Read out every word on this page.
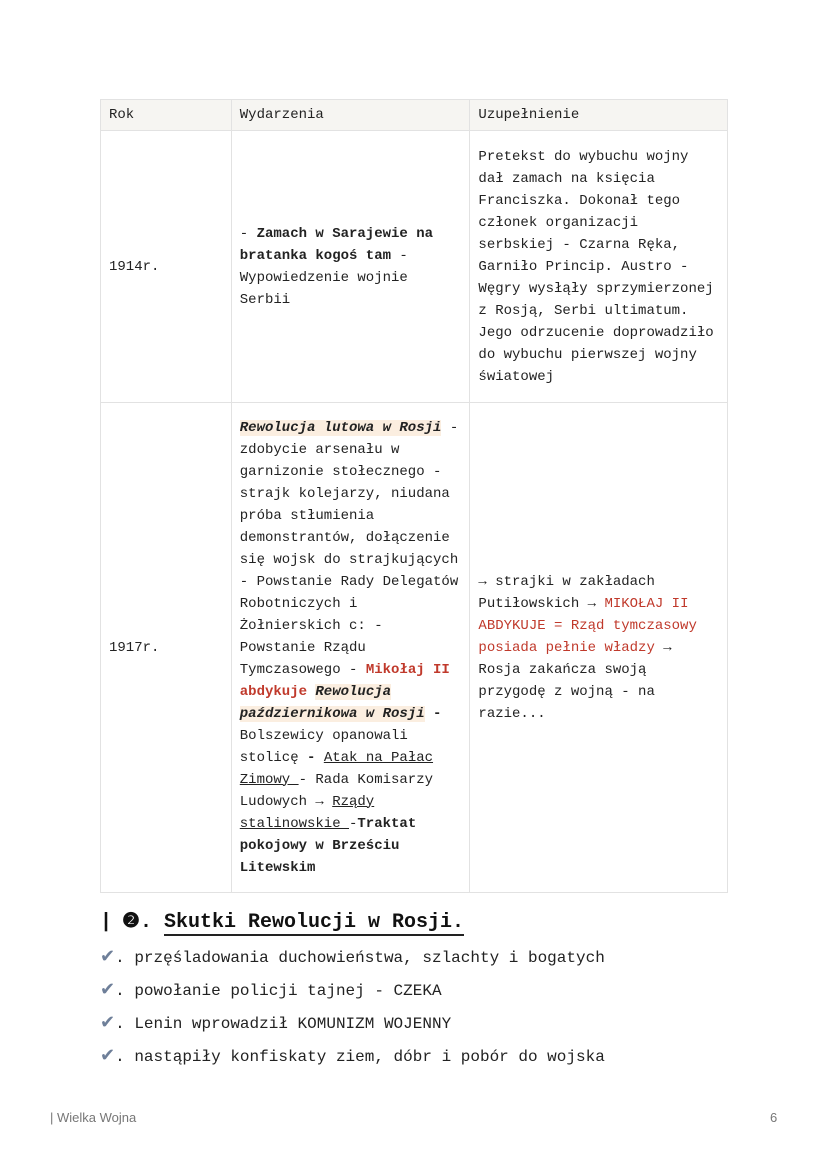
Rok	Wydarzenia	Uzupełnienie
1914r.	- Zamach w Sarajewie na bratanka kogoś tam - Wypowiedzenie wojnie Serbii	Pretekst do wybuchu wojny dał zamach na księcia Franciszka. Dokonał tego członek organizacji serbskiej - Czarna Ręka, Garniło Princip. Austro - Węgry wysłąły sprzymierzonej z Rosją, Serbi ultimatum. Jego odrzucenie doprowadziło do wybuchu pierwszej wojny światowej
1917r.	Rewolucja lutowa w Rosji - zdobycie arsenału w garnizonie stołecznego - strajk kolejarzy, niudana próba stłumienia demonstrantów, dołączenie się wojsk do strajkujących - Powstanie Rady Delegatów Robotniczych i Żołnierskich c: - Powstanie Rządu Tymczasowego - Mikołaj II abdykuje Rewolucja październikowa w Rosji - Bolszewicy opanowali stolicę - Atak na Pałac Zimowy - Rada Komisarzy Ludowych → Rządy stalinowskie -Traktat pokojowy w Brześciu Litewskim	→ strajki w zakładach Putiłowskich → MIKOŁAJ II ABDYKUJE = Rząd tymczasowy posiada pełnie władzy → Rosja zakańcza swoją przygodę z wojną - na razie...
| ❷. Skutki Rewolucji w Rosji.
✔. przęśladowania duchowieństwa, szlachty i bogatych
✔. powołanie policji tajnej - CZEKA
✔. Lenin wprowadził KOMUNIZM WOJENNY
✔. nastąpiły konfiskaty ziem, dóbr i pobór do wojska
| Wielka Wojna	6
